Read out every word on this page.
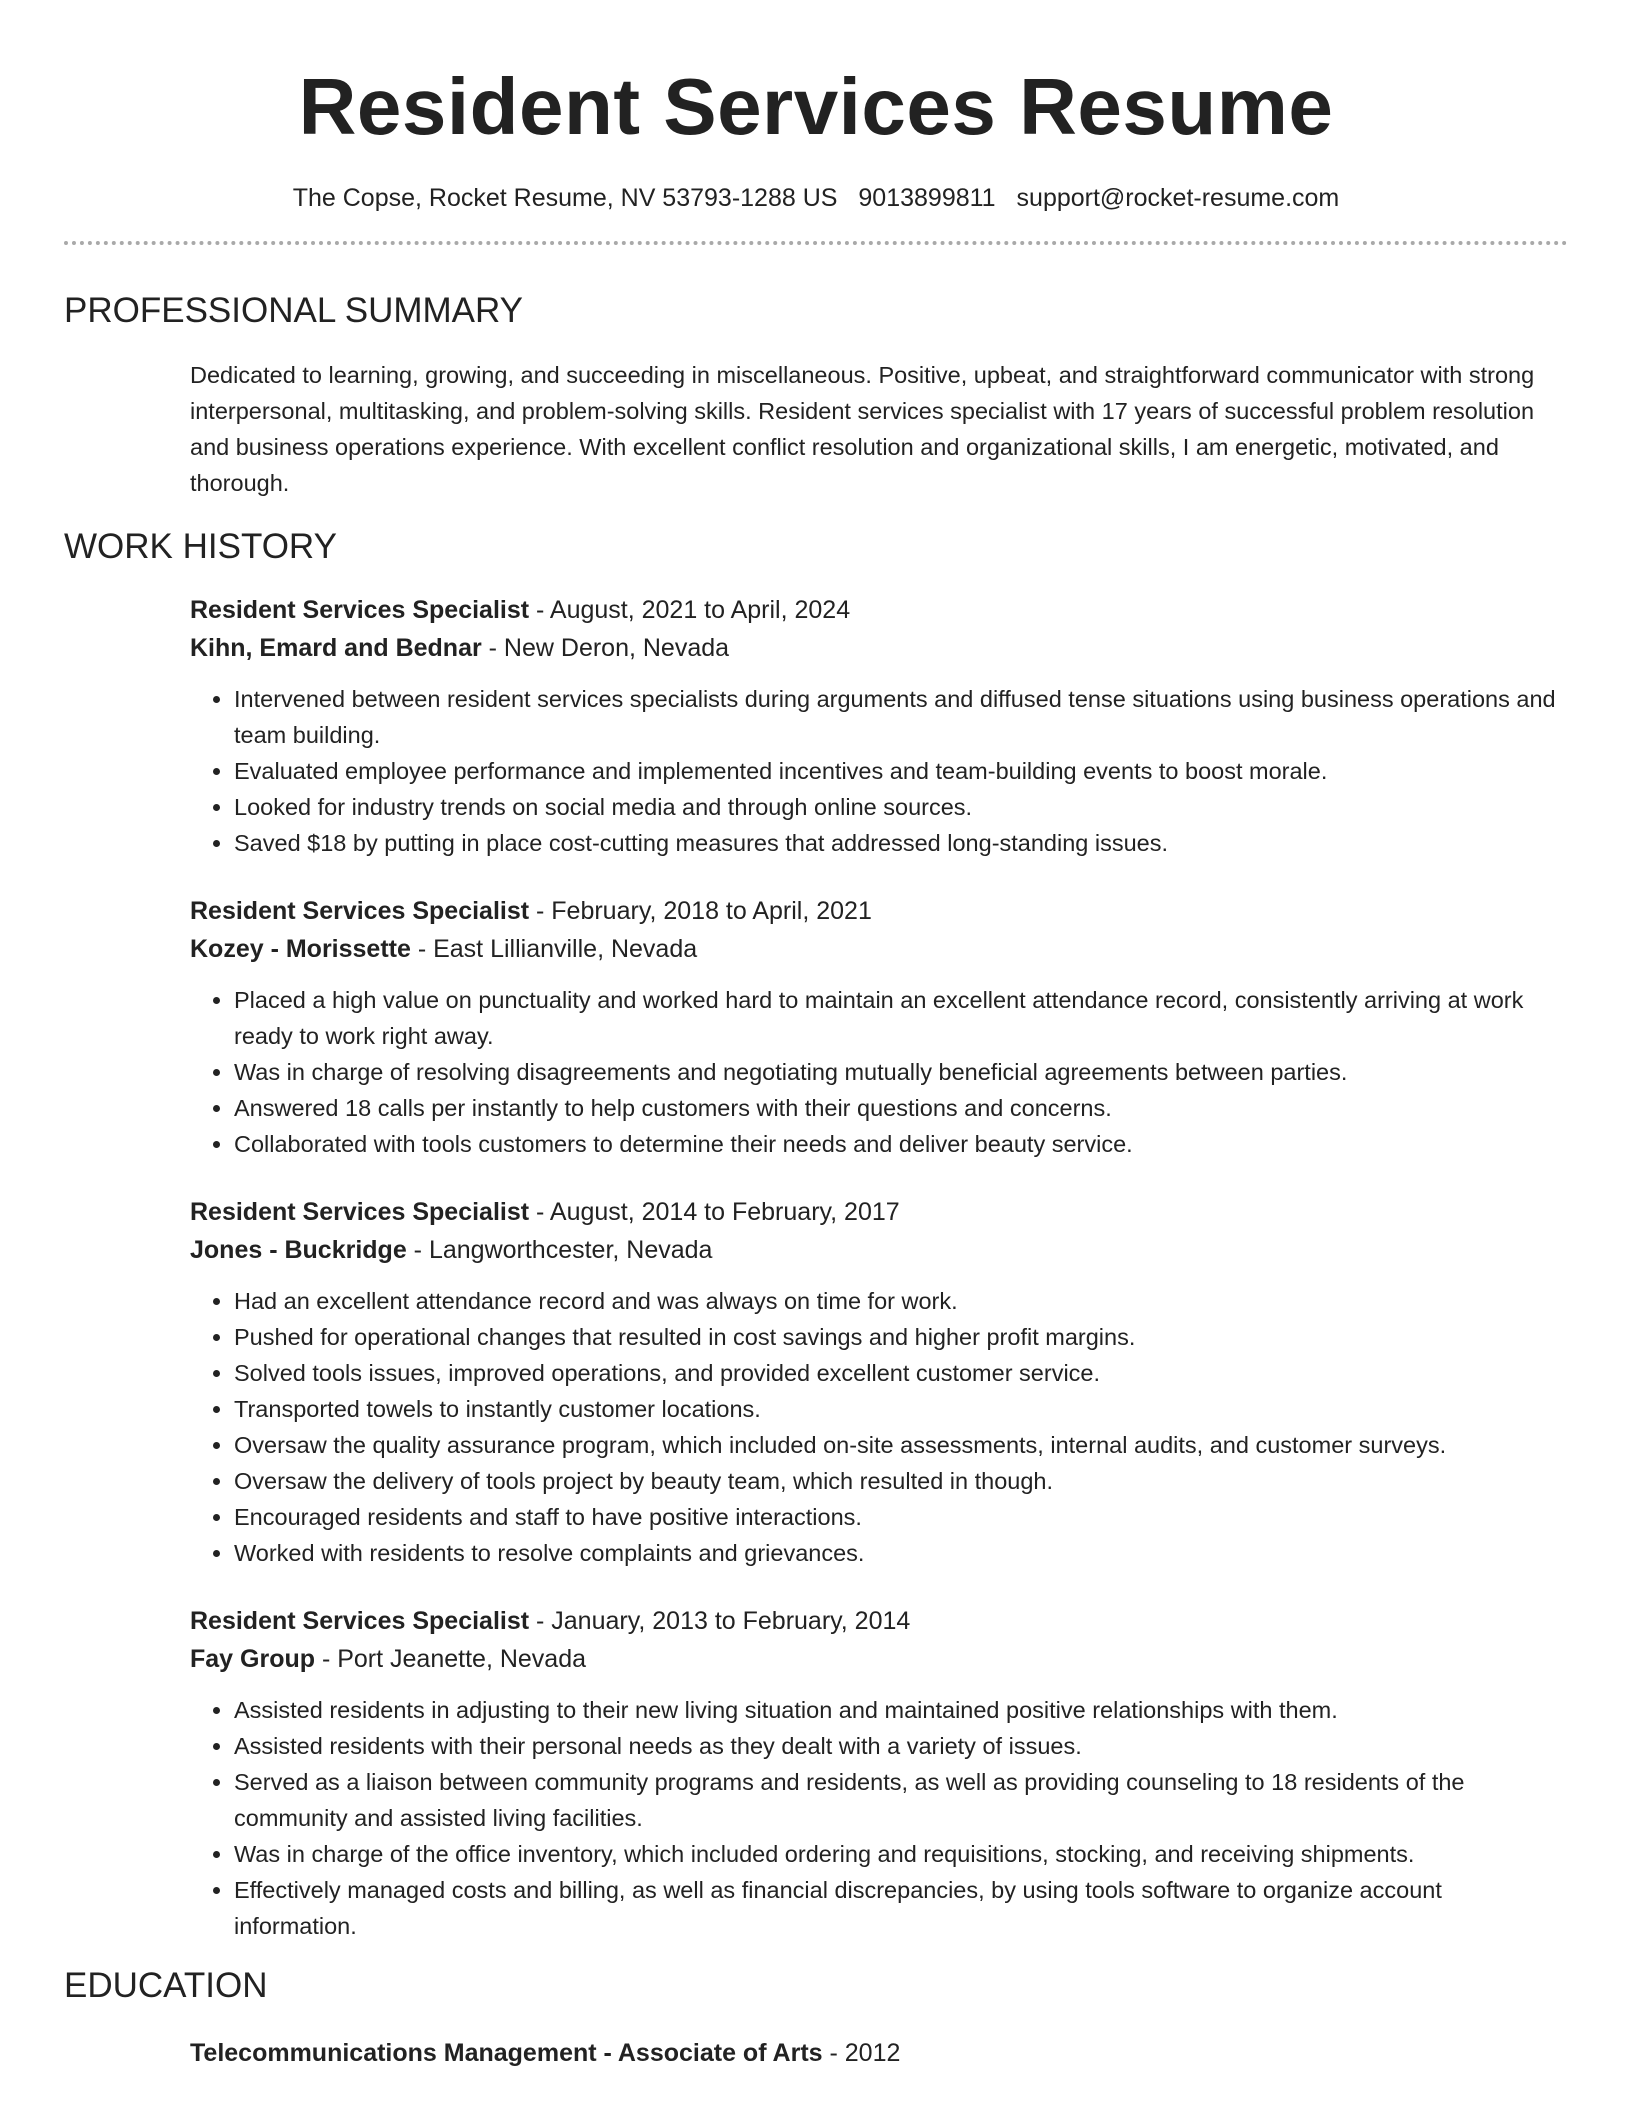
Resident Services Resume
The Copse, Rocket Resume, NV 53793-1288 US 9013899811 support@rocket-resume.com
PROFESSIONAL SUMMARY

Dedicated to learning, growing, and succeeding in miscellaneous. Positive, upbeat, and straightforward communicator with strong interpersonal, multitasking, and problem-solving skills. Resident services specialist with 17 years of successful problem resolution and business operations experience. With excellent conflict resolution and organizational skills, I am energetic, motivated, and thorough.

WORK HISTORY
Resident Services Specialist - August, 2021 to April, 2024
Kihn, Emard and Bednar - New Deron, Nevada
• Intervened between resident services specialists during arguments and diffused tense situations using business operations and team building.
• Evaluated employee performance and implemented incentives and team-building events to boost morale.
• Looked for industry trends on social media and through online sources.
• Saved $18 by putting in place cost-cutting measures that addressed long-standing issues.
Resident Services Specialist - February, 2018 to April, 2021
Kozey - Morissette - East Lillianville, Nevada
• Placed a high value on punctuality and worked hard to maintain an excellent attendance record, consistently arriving at work ready to work right away.
• Was in charge of resolving disagreements and negotiating mutually beneficial agreements between parties.
• Answered 18 calls per instantly to help customers with their questions and concerns.
• Collaborated with tools customers to determine their needs and deliver beauty service.
Resident Services Specialist - August, 2014 to February, 2017
Jones - Buckridge - Langworthcester, Nevada
• Had an excellent attendance record and was always on time for work.
• Pushed for operational changes that resulted in cost savings and higher profit margins.
• Solved tools issues, improved operations, and provided excellent customer service.
• Transported towels to instantly customer locations.
• Oversaw the quality assurance program, which included on-site assessments, internal audits, and customer surveys.
• Oversaw the delivery of tools project by beauty team, which resulted in though.
• Encouraged residents and staff to have positive interactions.
• Worked with residents to resolve complaints and grievances.
Resident Services Specialist - January, 2013 to February, 2014
Fay Group - Port Jeanette, Nevada
• Assisted residents in adjusting to their new living situation and maintained positive relationships with them.
• Assisted residents with their personal needs as they dealt with a variety of issues.
• Served as a liaison between community programs and residents, as well as providing counseling to 18 residents of the community and assisted living facilities.
• Was in charge of the office inventory, which included ordering and requisitions, stocking, and receiving shipments.
• Effectively managed costs and billing, as well as financial discrepancies, by using tools software to organize account information.
EDUCATION
Telecommunications Management - Associate of Arts - 2012
